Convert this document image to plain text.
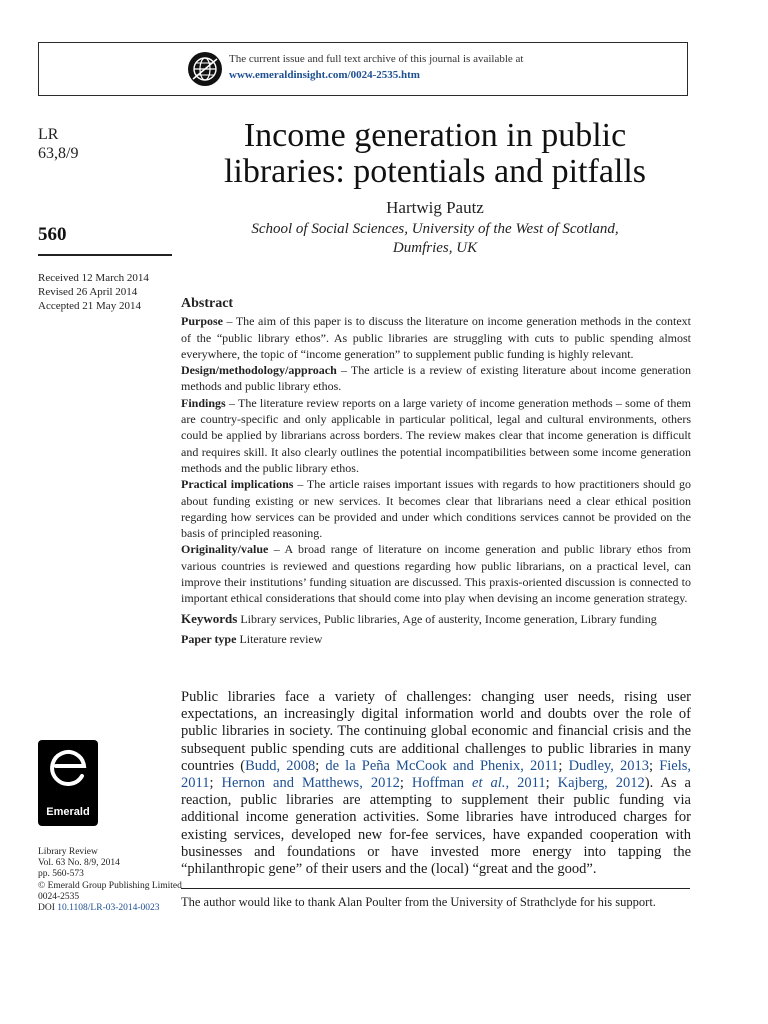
The current issue and full text archive of this journal is available at
www.emeraldinsight.com/0024-2535.htm
LR
63,8/9
560
Received 12 March 2014
Revised 26 April 2014
Accepted 21 May 2014
Income generation in public
libraries: potentials and pitfalls
Hartwig Pautz
School of Social Sciences, University of the West of Scotland,
Dumfries, UK
Abstract

Purpose – The aim of this paper is to discuss the literature on income generation methods in the context of the “public library ethos”. As public libraries are struggling with cuts to public spending almost everywhere, the topic of “income generation” to supplement public funding is highly relevant.

Design/methodology/approach – The article is a review of existing literature about income generation methods and public library ethos.

Findings – The literature review reports on a large variety of income generation methods – some of them are country-specific and only applicable in particular political, legal and cultural environments, others could be applied by librarians across borders. The review makes clear that income generation is difficult and requires skill. It also clearly outlines the potential incompatibilities between some income generation methods and the public library ethos.

Practical implications – The article raises important issues with regards to how practitioners should go about funding existing or new services. It becomes clear that librarians need a clear ethical position regarding how services can be provided and under which conditions services cannot be provided on the basis of principled reasoning.

Originality/value – A broad range of literature on income generation and public library ethos from various countries is reviewed and questions regarding how public librarians, on a practical level, can improve their institutions’ funding situation are discussed. This praxis-oriented discussion is connected to important ethical considerations that should come into play when devising an income generation strategy.

Keywords Library services, Public libraries, Age of austerity, Income generation, Library funding

Paper type Literature review

Public libraries face a variety of challenges: changing user needs, rising user expectations, an increasingly digital information world and doubts over the role of public libraries in society. The continuing global economic and financial crisis and the subsequent public spending cuts are additional challenges to public libraries in many countries (Budd, 2008; de la Peña McCook and Phenix, 2011; Dudley, 2013; Fiels, 2011; Hernon and Matthews, 2012; Hoffman et al., 2011; Kajberg, 2012). As a reaction, public libraries are attempting to supplement their public funding via additional income generation activities. Some libraries have introduced charges for existing services, developed new for-fee services, have expanded cooperation with businesses and foundations or have invested more energy into tapping the “philanthropic gene” of their users and the (local) “great and the good”.
The author would like to thank Alan Poulter from the University of Strathclyde for his support.
Emerald
Library Review
Vol. 63 No. 8/9, 2014
pp. 560-573
© Emerald Group Publishing Limited
0024-2535
DOI 10.1108/LR-03-2014-0023
